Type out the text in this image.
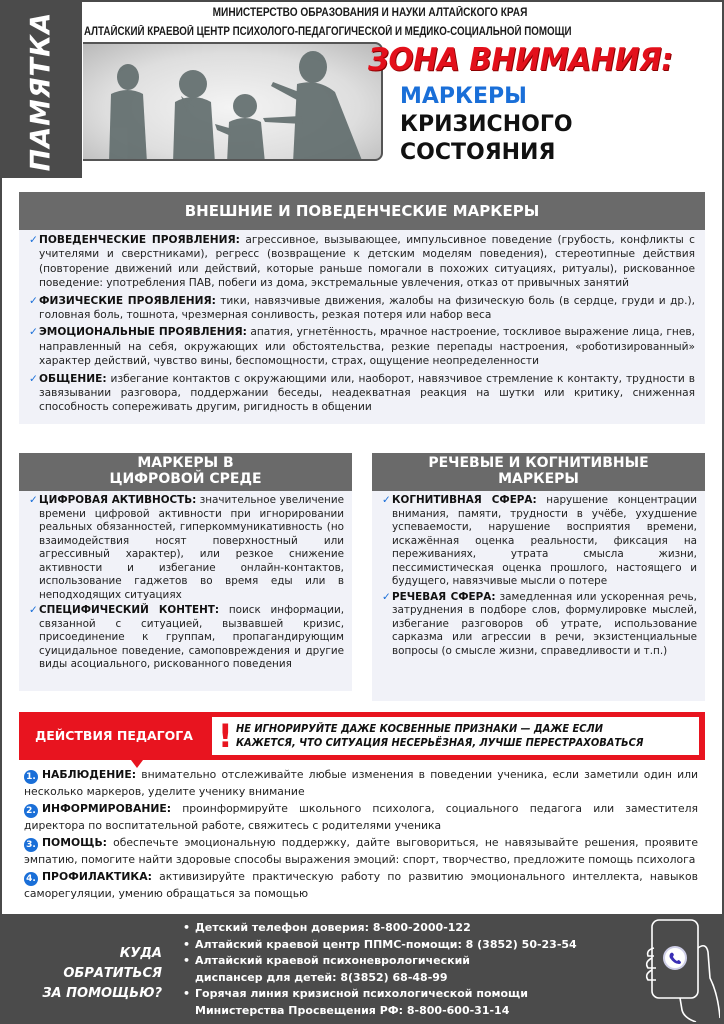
ПАМЯТКА	МИНИСТЕРСТВО ОБРАЗОВАНИЯ И НАУКИ АЛТАЙСКОГО КРАЯ
АЛТАЙСКИЙ КРАЕВОЙ ЦЕНТР ПСИХОЛОГО-ПЕДАГОГИЧЕСКОЙ И МЕДИКО-СОЦИАЛЬНОЙ ПОМОЩИ
ЗОНА ВНИМАНИЯ:
МАРКЕРЫ
КРИЗИСНОГО
СОСТОЯНИЯ
ВНЕШНИЕ И ПОВЕДЕНЧЕСКИЕ МАРКЕРЫ

✓ПОВЕДЕНЧЕСКИЕ ПРОЯВЛЕНИЯ: агрессивное, вызывающее, импульсивное поведение (грубость, конфликты с учителями и сверстниками), регресс (возвращение к детским моделям поведения), стереотипные действия (повторение движений или действий, которые раньше помогали в похожих ситуациях, ритуалы), рискованное поведение: употребления ПАВ, побеги из дома, экстремальные увлечения, отказ от привычных занятий

✓ФИЗИЧЕСКИЕ ПРОЯВЛЕНИЯ: тики, навязчивые движения, жалобы на физическую боль (в сердце, груди и др.), головная боль, тошнота, чрезмерная сонливость, резкая потеря или набор веса

✓ЭМОЦИОНАЛЬНЫЕ ПРОЯВЛЕНИЯ: апатия, угнетённость, мрачное настроение, тоскливое выражение лица, гнев, направленный на себя, окружающих или обстоятельства, резкие перепады настроения, «роботизированный» характер действий, чувство вины, беспомощности, страх, ощущение неопределенности

✓ОБЩЕНИЕ: избегание контактов с окружающими или, наоборот, навязчивое стремление к контакту, трудности в завязывании разговора, поддержании беседы, неадекватная реакция на шутки или критику, сниженная способность сопереживать другим, ригидность в общении

МАРКЕРЫ В
ЦИФРОВОЙ СРЕДЕ

✓ЦИФРОВАЯ АКТИВНОСТЬ: значительное увеличение времени цифровой активности при игнорировании реальных обязанностей, гиперкоммуникативность (но взаимодействия носят поверхностный или агрессивный характер), или резкое снижение активности и избегание онлайн-контактов, использование гаджетов во время еды или в неподходящих ситуациях

✓СПЕЦИФИЧЕСКИЙ КОНТЕНТ: поиск информации, связанной с ситуацией, вызвавшей кризис, присоединение к группам, пропагандирующим суицидальное поведение, самоповреждения и другие виды асоциального, рискованного поведения

РЕЧЕВЫЕ И КОГНИТИВНЫЕ
МАРКЕРЫ

✓КОГНИТИВНАЯ СФЕРА: нарушение концентрации внимания, памяти, трудности в учёбе, ухудшение успеваемости, нарушение восприятия времени, искажённая оценка реальности, фиксация на переживаниях, утрата смысла жизни, пессимистическая оценка прошлого, настоящего и будущего, навязчивые мысли о потере

✓РЕЧЕВАЯ СФЕРА: замедленная или ускоренная речь, затруднения в подборе слов, формулировке мыслей, избегание разговоров об утрате, использование сарказма или агрессии в речи, экзистенциальные вопросы (о смысле жизни, справедливости и т.п.)

ДЕЙСТВИЯ ПЕДАГОГА ! НЕ ИГНОРИРУЙТЕ ДАЖЕ КОСВЕННЫЕ ПРИЗНАКИ — ДАЖЕ ЕСЛИ
КАЖЕТСЯ, ЧТО СИТУАЦИЯ НЕСЕРЬЁЗНАЯ, ЛУЧШЕ ПЕРЕСТРАХОВАТЬСЯ

1. НАБЛЮДЕНИЕ: внимательно отслеживайте любые изменения в поведении ученика, если заметили один или несколько маркеров, уделите ученику внимание

2. ИНФОРМИРОВАНИЕ: проинформируйте школьного психолога, социального педагога или заместителя директора по воспитательной работе, свяжитесь с родителями ученика

3. ПОМОЩЬ: обеспечьте эмоциональную поддержку, дайте выговориться, не навязывайте решения, проявите эмпатию, помогите найти здоровые способы выражения эмоций: спорт, творчество, предложите помощь психолога

4. ПРОФИЛАКТИКА: активизируйте практическую работу по развитию эмоционального интеллекта, навыков саморегуляции, умению обращаться за помощью

КУДА
ОБРАТИТЬСЯ
ЗА ПОМОЩЬЮ?
• Детский телефон доверия: 8-800-2000-122
• Алтайский краевой центр ППМС-помощи: 8 (3852) 50-23-54
• Алтайский краевой психоневрологический
диспансер для детей: 8(3852) 68-48-99
• Горячая линия кризисной психологической помощи
Министерства Просвещения РФ: 8-800-600-31-14
